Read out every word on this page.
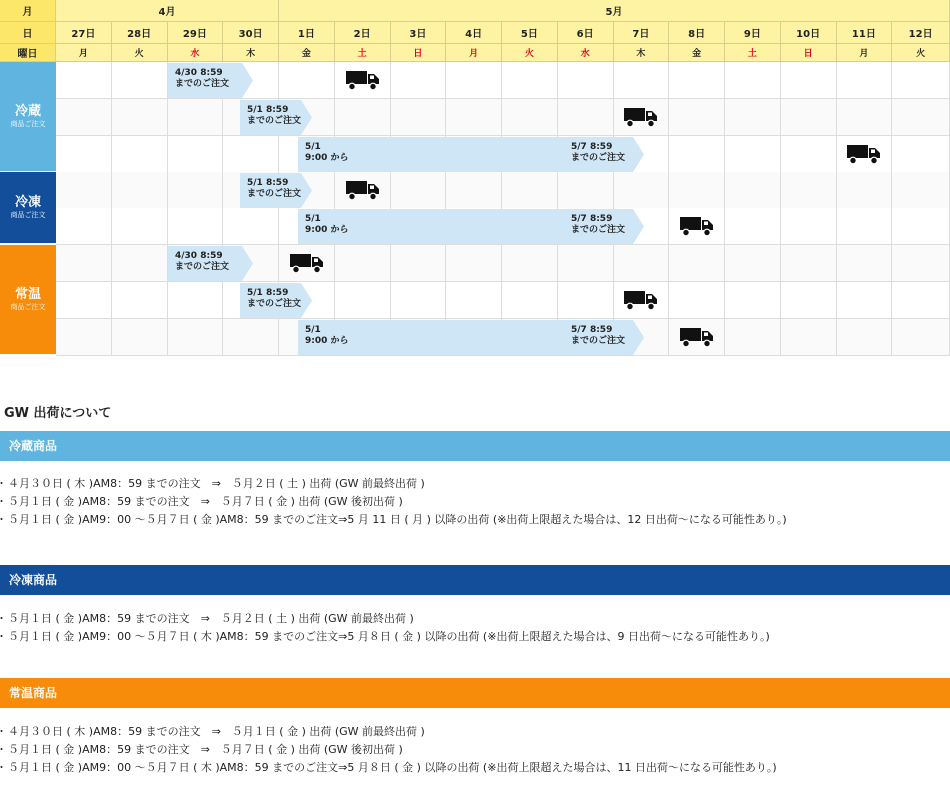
月
日
曜日
4月	5月
27日
月
28日
火
29日
水
30日
木
1日
金
2日
土
3日
日
4日
月
5日
火
6日
水
7日
木
8日
金
9日
土
10日
日
11日
月
12日
火
冷蔵
商品ご注文
冷凍
商品ご注文
常温
商品ご注文
4/30 8:59
までのご注文
5/1 8:59
までのご注文
5/1
9:00 から
5/7 8:59
までのご注文
5/1 8:59
までのご注文
5/1
9:00 から
5/7 8:59
までのご注文
4/30 8:59
までのご注文
5/1 8:59
までのご注文
5/1
9:00 から
5/7 8:59
までのご注文
GW 出荷について
冷蔵商品
・ ４月３０日 ( 木 )AM8：59 までの注文　⇒　５月２日 ( 土 ) 出荷 (GW 前最終出荷 )
・ ５月１日 ( 金 )AM8：59 までの注文　⇒　５月７日 ( 金 ) 出荷 (GW 後初出荷 )
・ ５月１日 ( 金 )AM9：00 ～５月７日 ( 金 )AM8：59 までのご注文⇒5 月 11 日 ( 月 ) 以降の出荷 (※出荷上限超えた場合は、12 日出荷～になる可能性あり。)
冷凍商品
・ ５月１日 ( 金 )AM8：59 までの注文　⇒　５月２日 ( 土 ) 出荷 (GW 前最終出荷 )
・ ５月１日 ( 金 )AM9：00 ～５月７日 ( 木 )AM8：59 までのご注文⇒5 月８日 ( 金 ) 以降の出荷 (※出荷上限超えた場合は、9 日出荷～になる可能性あり。)
常温商品
・ ４月３０日 ( 木 )AM8：59 までの注文　⇒　５月１日 ( 金 ) 出荷 (GW 前最終出荷 )
・ ５月１日 ( 金 )AM8：59 までの注文　⇒　５月７日 ( 金 ) 出荷 (GW 後初出荷 )
・ ５月１日 ( 金 )AM9：00 ～５月７日 ( 木 )AM8：59 までのご注文⇒5 月８日 ( 金 ) 以降の出荷 (※出荷上限超えた場合は、11 日出荷～になる可能性あり。)
